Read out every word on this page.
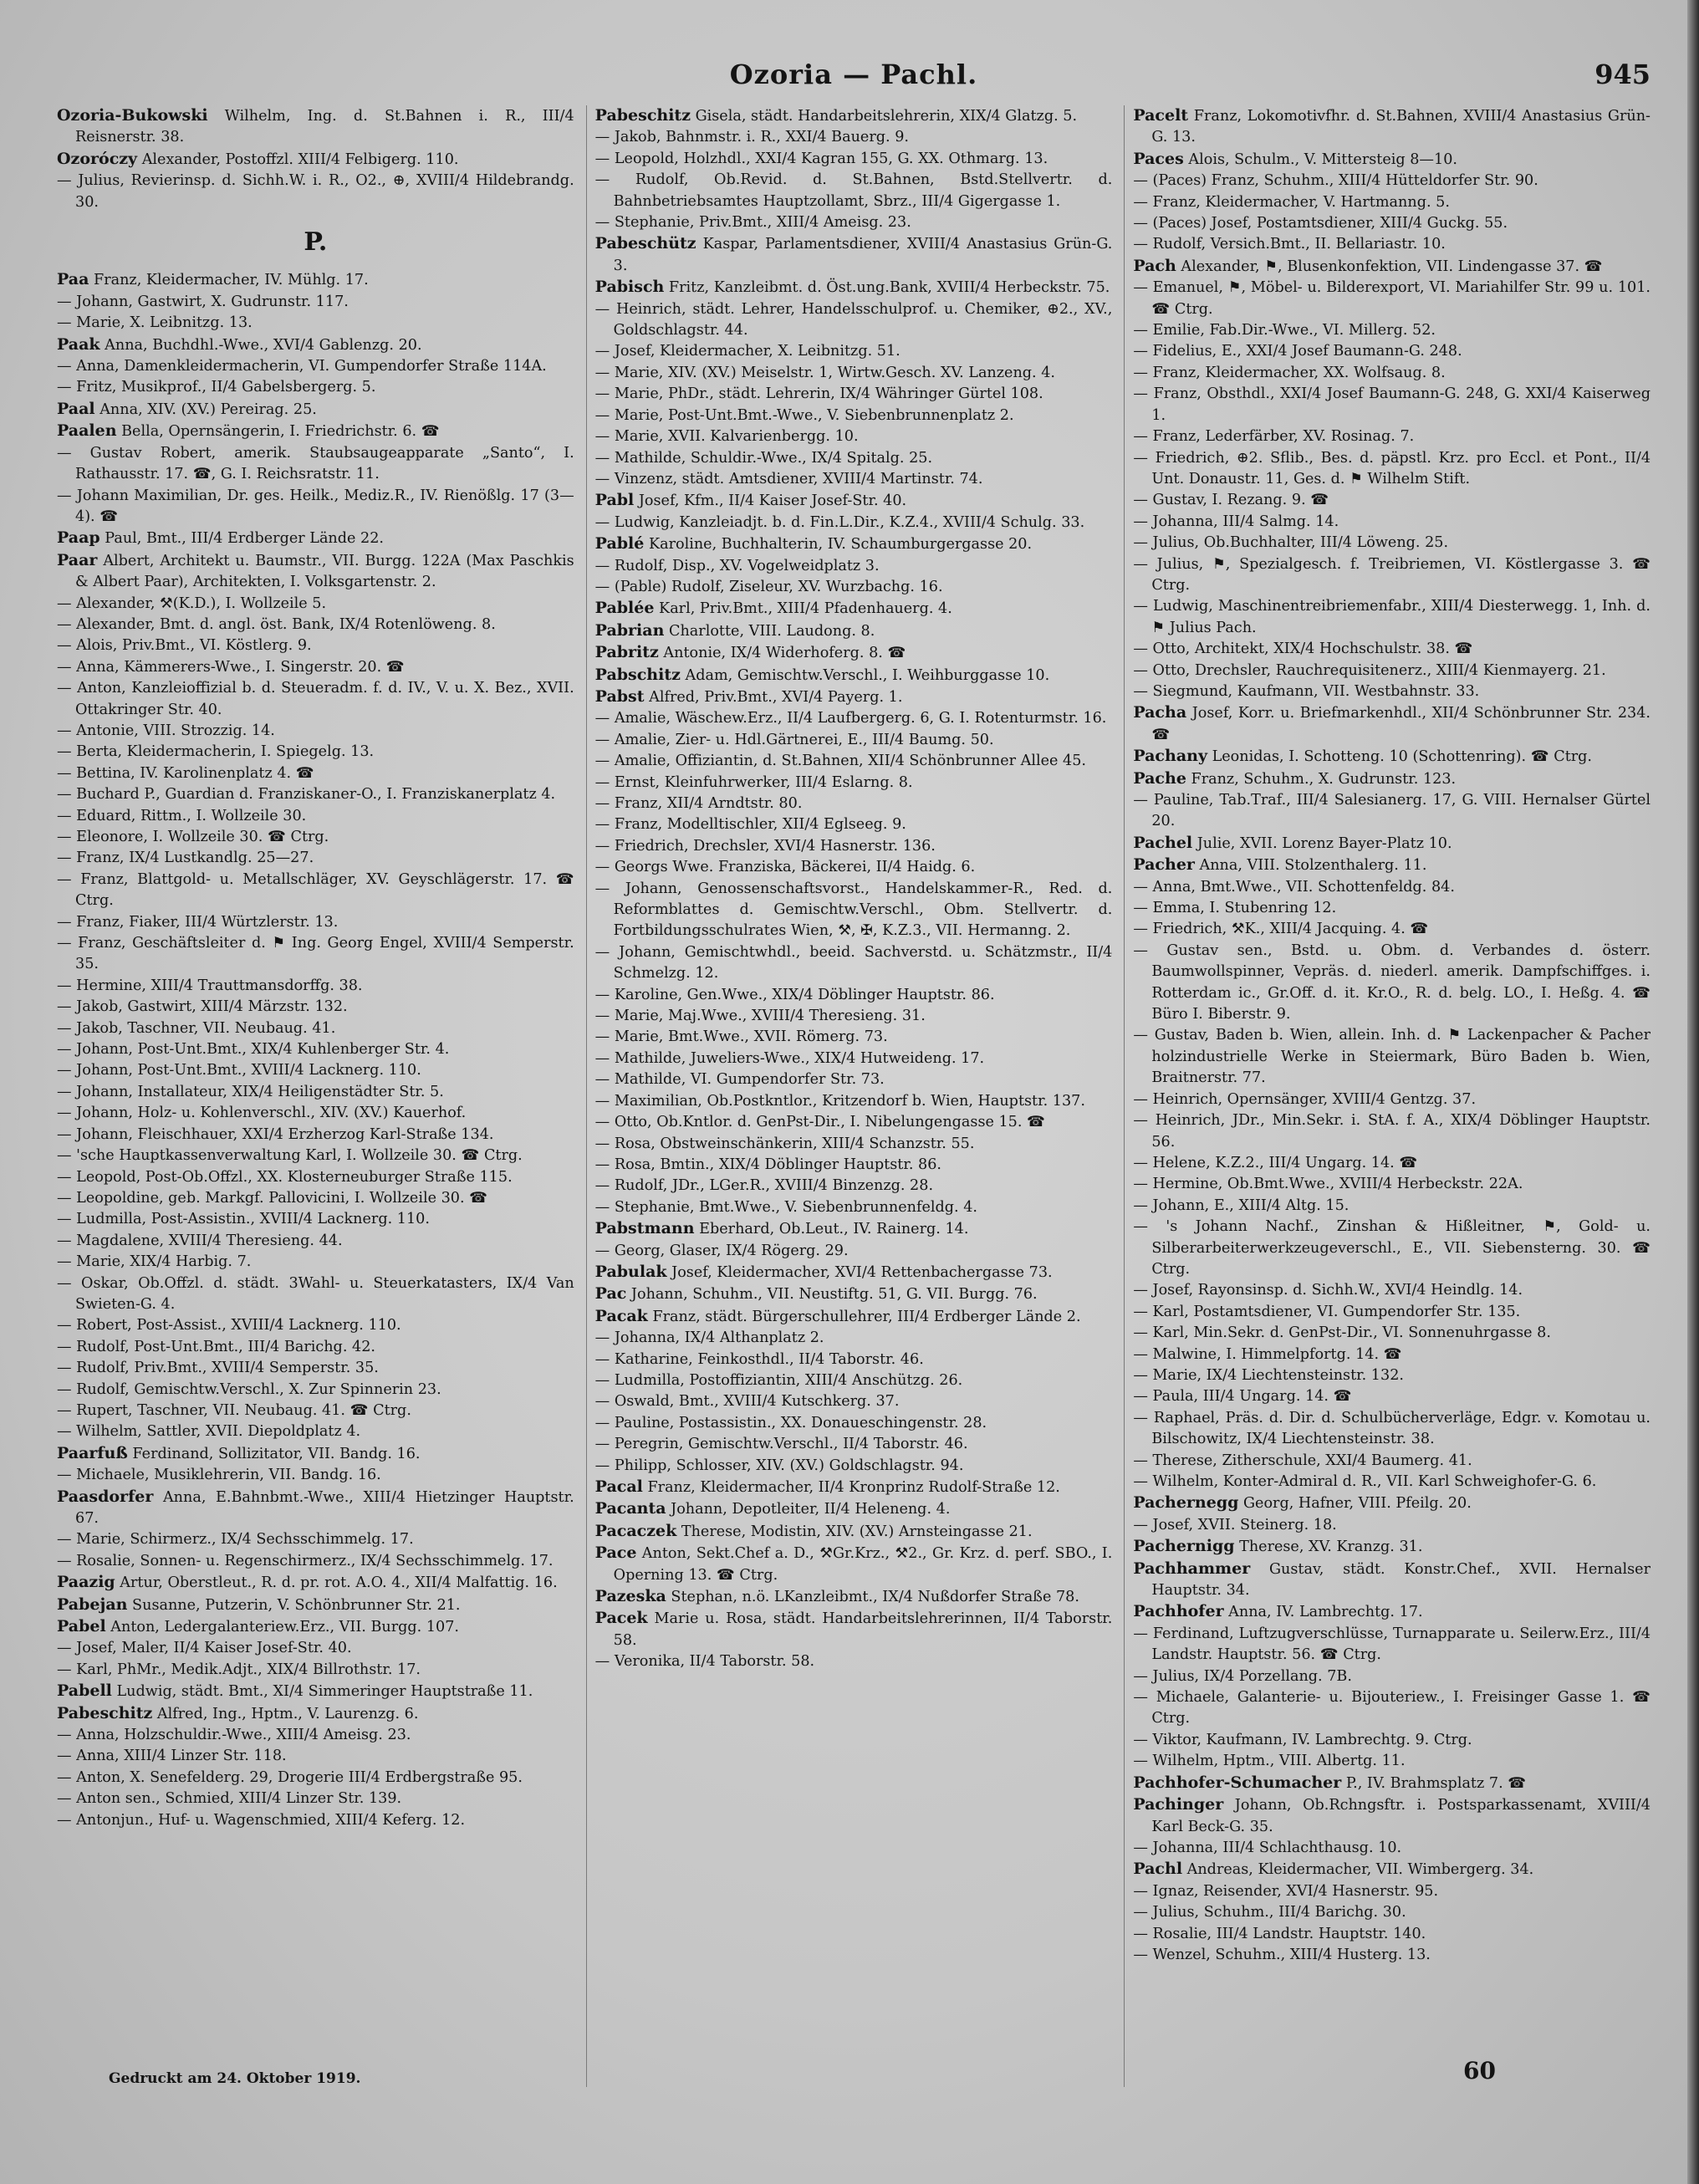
Ozoria — Pachl.	945

Ozoria-Bukowski Wilhelm, Ing. d. St.Bahnen i. R., III/4 Reisnerstr. 38.

Ozoróczy Alexander, Postoffzl. XIII/4 Felbigerg. 110.

— Julius, Revierinsp. d. Sichh.W. i. R., O2., ⊕, XVIII/4 Hildebrandg. 30.

P.

Paa Franz, Kleidermacher, IV. Mühlg. 17.

— Johann, Gastwirt, X. Gudrunstr. 117.

— Marie, X. Leibnitzg. 13.

Paak Anna, Buchdhl.-Wwe., XVI/4 Gablenzg. 20.

— Anna, Damenkleidermacherin, VI. Gumpendorfer Straße 114A.

— Fritz, Musikprof., II/4 Gabelsbergerg. 5.

Paal Anna, XIV. (XV.) Pereirag. 25.

Paalen Bella, Opernsängerin, I. Friedrichstr. 6. ☎

— Gustav Robert, amerik. Staubsaugeapparate „Santo“, I. Rathausstr. 17. ☎, G. I. Reichsratstr. 11.

— Johann Maximilian, Dr. ges. Heilk., Mediz.R., IV. Rienößlg. 17 (3—4). ☎

Paap Paul, Bmt., III/4 Erdberger Lände 22.

Paar Albert, Architekt u. Baumstr., VII. Burgg. 122A (Max Paschkis & Albert Paar), Architekten, I. Volksgartenstr. 2.

— Alexander, ⚒(K.D.), I. Wollzeile 5.

— Alexander, Bmt. d. angl. öst. Bank, IX/4 Rotenlöweng. 8.

— Alois, Priv.Bmt., VI. Köstlerg. 9.

— Anna, Kämmerers-Wwe., I. Singerstr. 20. ☎

— Anton, Kanzleioffizial b. d. Steueradm. f. d. IV., V. u. X. Bez., XVII. Ottakringer Str. 40.

— Antonie, VIII. Strozzig. 14.

— Berta, Kleidermacherin, I. Spiegelg. 13.

— Bettina, IV. Karolinenplatz 4. ☎

— Buchard P., Guardian d. Franziskaner-O., I. Franziskanerplatz 4.

— Eduard, Rittm., I. Wollzeile 30.

— Eleonore, I. Wollzeile 30. ☎ Ctrg.

— Franz, IX/4 Lustkandlg. 25—27.

— Franz, Blattgold- u. Metallschläger, XV. Geyschlägerstr. 17. ☎ Ctrg.

— Franz, Fiaker, III/4 Würtzlerstr. 13.

— Franz, Geschäftsleiter d. ⚑ Ing. Georg Engel, XVIII/4 Semperstr. 35.

— Hermine, XIII/4 Trauttmansdorffg. 38.

— Jakob, Gastwirt, XIII/4 Märzstr. 132.

— Jakob, Taschner, VII. Neubaug. 41.

— Johann, Post-Unt.Bmt., XIX/4 Kuhlenberger Str. 4.

— Johann, Post-Unt.Bmt., XVIII/4 Lacknerg. 110.

— Johann, Installateur, XIX/4 Heiligenstädter Str. 5.

— Johann, Holz- u. Kohlenverschl., XIV. (XV.) Kauerhof.

— Johann, Fleischhauer, XXI/4 Erzherzog Karl-Straße 134.

— 'sche Hauptkassenverwaltung Karl, I. Wollzeile 30. ☎ Ctrg.

— Leopold, Post-Ob.Offzl., XX. Klosterneuburger Straße 115.

— Leopoldine, geb. Markgf. Pallovicini, I. Wollzeile 30. ☎

— Ludmilla, Post-Assistin., XVIII/4 Lacknerg. 110.

— Magdalene, XVIII/4 Theresieng. 44.

— Marie, XIX/4 Harbig. 7.

— Oskar, Ob.Offzl. d. städt. 3Wahl- u. Steuerkatasters, IX/4 Van Swieten-G. 4.

— Robert, Post-Assist., XVIII/4 Lacknerg. 110.

— Rudolf, Post-Unt.Bmt., III/4 Barichg. 42.

— Rudolf, Priv.Bmt., XVIII/4 Semperstr. 35.

— Rudolf, Gemischtw.Verschl., X. Zur Spinnerin 23.

— Rupert, Taschner, VII. Neubaug. 41. ☎ Ctrg.

— Wilhelm, Sattler, XVII. Diepoldplatz 4.

Paarfuß Ferdinand, Sollizitator, VII. Bandg. 16.

— Michaele, Musiklehrerin, VII. Bandg. 16.

Paasdorfer Anna, E.Bahnbmt.-Wwe., XIII/4 Hietzinger Hauptstr. 67.

— Marie, Schirmerz., IX/4 Sechsschimmelg. 17.

— Rosalie, Sonnen- u. Regenschirmerz., IX/4 Sechsschimmelg. 17.

Paazig Artur, Oberstleut., R. d. pr. rot. A.O. 4., XII/4 Malfattig. 16.

Pabejan Susanne, Putzerin, V. Schönbrunner Str. 21.

Pabel Anton, Ledergalanteriew.Erz., VII. Burgg. 107.

— Josef, Maler, II/4 Kaiser Josef-Str. 40.

— Karl, PhMr., Medik.Adjt., XIX/4 Billrothstr. 17.

Pabell Ludwig, städt. Bmt., XI/4 Simmeringer Hauptstraße 11.

Pabeschitz Alfred, Ing., Hptm., V. Laurenzg. 6.

— Anna, Holzschuldir.-Wwe., XIII/4 Ameisg. 23.

— Anna, XIII/4 Linzer Str. 118.

— Anton, X. Senefelderg. 29, Drogerie III/4 Erdbergstraße 95.

— Anton sen., Schmied, XIII/4 Linzer Str. 139.

— Antonjun., Huf- u. Wagenschmied, XIII/4 Keferg. 12.

Pabeschitz Gisela, städt. Handarbeitslehrerin, XIX/4 Glatzg. 5.

— Jakob, Bahnmstr. i. R., XXI/4 Bauerg. 9.

— Leopold, Holzhdl., XXI/4 Kagran 155, G. XX. Othmarg. 13.

— Rudolf, Ob.Revid. d. St.Bahnen, Bstd.Stellvertr. d. Bahnbetriebsamtes Hauptzollamt, Sbrz., III/4 Gigergasse 1.

— Stephanie, Priv.Bmt., XIII/4 Ameisg. 23.

Pabeschütz Kaspar, Parlamentsdiener, XVIII/4 Anastasius Grün-G. 3.

Pabisch Fritz, Kanzleibmt. d. Öst.ung.Bank, XVIII/4 Herbeckstr. 75.

— Heinrich, städt. Lehrer, Handelsschulprof. u. Chemiker, ⊕2., XV., Goldschlagstr. 44.

— Josef, Kleidermacher, X. Leibnitzg. 51.

— Marie, XIV. (XV.) Meiselstr. 1, Wirtw.Gesch. XV. Lanzeng. 4.

— Marie, PhDr., städt. Lehrerin, IX/4 Währinger Gürtel 108.

— Marie, Post-Unt.Bmt.-Wwe., V. Siebenbrunnenplatz 2.

— Marie, XVII. Kalvarienbergg. 10.

— Mathilde, Schuldir.-Wwe., IX/4 Spitalg. 25.

— Vinzenz, städt. Amtsdiener, XVIII/4 Martinstr. 74.

Pabl Josef, Kfm., II/4 Kaiser Josef-Str. 40.

— Ludwig, Kanzleiadjt. b. d. Fin.L.Dir., K.Z.4., XVIII/4 Schulg. 33.

Pablé Karoline, Buchhalterin, IV. Schaumburgergasse 20.

— Rudolf, Disp., XV. Vogelweidplatz 3.

— (Pable) Rudolf, Ziseleur, XV. Wurzbachg. 16.

Pablée Karl, Priv.Bmt., XIII/4 Pfadenhauerg. 4.

Pabrian Charlotte, VIII. Laudong. 8.

Pabritz Antonie, IX/4 Widerhoferg. 8. ☎

Pabschitz Adam, Gemischtw.Verschl., I. Weihburggasse 10.

Pabst Alfred, Priv.Bmt., XVI/4 Payerg. 1.

— Amalie, Wäschew.Erz., II/4 Laufbergerg. 6, G. I. Rotenturmstr. 16.

— Amalie, Zier- u. Hdl.Gärtnerei, E., III/4 Baumg. 50.

— Amalie, Offiziantin, d. St.Bahnen, XII/4 Schönbrunner Allee 45.

— Ernst, Kleinfuhrwerker, III/4 Eslarng. 8.

— Franz, XII/4 Arndtstr. 80.

— Franz, Modelltischler, XII/4 Eglseeg. 9.

— Friedrich, Drechsler, XVI/4 Hasnerstr. 136.

— Georgs Wwe. Franziska, Bäckerei, II/4 Haidg. 6.

— Johann, Genossenschaftsvorst., Handelskammer-R., Red. d. Reformblattes d. Gemischtw.Verschl., Obm. Stellvertr. d. Fortbildungsschulrates Wien, ⚒, ✠, K.Z.3., VII. Hermanng. 2.

— Johann, Gemischtwhdl., beeid. Sachverstd. u. Schätzmstr., II/4 Schmelzg. 12.

— Karoline, Gen.Wwe., XIX/4 Döblinger Hauptstr. 86.

— Marie, Maj.Wwe., XVIII/4 Theresieng. 31.

— Marie, Bmt.Wwe., XVII. Römerg. 73.

— Mathilde, Juweliers-Wwe., XIX/4 Hutweideng. 17.

— Mathilde, VI. Gumpendorfer Str. 73.

— Maximilian, Ob.Postkntlor., Kritzendorf b. Wien, Hauptstr. 137.

— Otto, Ob.Kntlor. d. GenPst-Dir., I. Nibelungengasse 15. ☎

— Rosa, Obstweinschänkerin, XIII/4 Schanzstr. 55.

— Rosa, Bmtin., XIX/4 Döblinger Hauptstr. 86.

— Rudolf, JDr., LGer.R., XVIII/4 Binzenzg. 28.

— Stephanie, Bmt.Wwe., V. Siebenbrunnenfeldg. 4.

Pabstmann Eberhard, Ob.Leut., IV. Rainerg. 14.

— Georg, Glaser, IX/4 Rögerg. 29.

Pabulak Josef, Kleidermacher, XVI/4 Rettenbachergasse 73.

Pac Johann, Schuhm., VII. Neustiftg. 51, G. VII. Burgg. 76.

Pacak Franz, städt. Bürgerschullehrer, III/4 Erdberger Lände 2.

— Johanna, IX/4 Althanplatz 2.

— Katharine, Feinkosthdl., II/4 Taborstr. 46.

— Ludmilla, Postoffiziantin, XIII/4 Anschützg. 26.

— Oswald, Bmt., XVIII/4 Kutschkerg. 37.

— Pauline, Postassistin., XX. Donaueschingenstr. 28.

— Peregrin, Gemischtw.Verschl., II/4 Taborstr. 46.

— Philipp, Schlosser, XIV. (XV.) Goldschlagstr. 94.

Pacal Franz, Kleidermacher, II/4 Kronprinz Rudolf-Straße 12.

Pacanta Johann, Depotleiter, II/4 Heleneng. 4.

Pacaczek Therese, Modistin, XIV. (XV.) Arnsteingasse 21.

Pace Anton, Sekt.Chef a. D., ⚒Gr.Krz., ⚒2., Gr. Krz. d. perf. SBO., I. Operning 13. ☎ Ctrg.

Pazeska Stephan, n.ö. LKanzleibmt., IX/4 Nußdorfer Straße 78.

Pacek Marie u. Rosa, städt. Handarbeitslehrerinnen, II/4 Taborstr. 58.

— Veronika, II/4 Taborstr. 58.

Pacelt Franz, Lokomotivfhr. d. St.Bahnen, XVIII/4 Anastasius Grün-G. 13.

Paces Alois, Schulm., V. Mittersteig 8—10.

— (Paces) Franz, Schuhm., XIII/4 Hütteldorfer Str. 90.

— Franz, Kleidermacher, V. Hartmanng. 5.

— (Paces) Josef, Postamtsdiener, XIII/4 Guckg. 55.

— Rudolf, Versich.Bmt., II. Bellariastr. 10.

Pach Alexander, ⚑, Blusenkonfektion, VII. Lindengasse 37. ☎

— Emanuel, ⚑, Möbel- u. Bilderexport, VI. Mariahilfer Str. 99 u. 101. ☎ Ctrg.

— Emilie, Fab.Dir.-Wwe., VI. Millerg. 52.

— Fidelius, E., XXI/4 Josef Baumann-G. 248.

— Franz, Kleidermacher, XX. Wolfsaug. 8.

— Franz, Obsthdl., XXI/4 Josef Baumann-G. 248, G. XXI/4 Kaiserweg 1.

— Franz, Lederfärber, XV. Rosinag. 7.

— Friedrich, ⊕2. Sflib., Bes. d. päpstl. Krz. pro Eccl. et Pont., II/4 Unt. Donaustr. 11, Ges. d. ⚑ Wilhelm Stift.

— Gustav, I. Rezang. 9. ☎

— Johanna, III/4 Salmg. 14.

— Julius, Ob.Buchhalter, III/4 Löweng. 25.

— Julius, ⚑, Spezialgesch. f. Treibriemen, VI. Köstlergasse 3. ☎ Ctrg.

— Ludwig, Maschinentreibriemenfabr., XIII/4 Diesterwegg. 1, Inh. d. ⚑ Julius Pach.

— Otto, Architekt, XIX/4 Hochschulstr. 38. ☎

— Otto, Drechsler, Rauchrequisitenerz., XIII/4 Kienmayerg. 21.

— Siegmund, Kaufmann, VII. Westbahnstr. 33.

Pacha Josef, Korr. u. Briefmarkenhdl., XII/4 Schönbrunner Str. 234. ☎

Pachany Leonidas, I. Schotteng. 10 (Schottenring). ☎ Ctrg.

Pache Franz, Schuhm., X. Gudrunstr. 123.

— Pauline, Tab.Traf., III/4 Salesianerg. 17, G. VIII. Hernalser Gürtel 20.

Pachel Julie, XVII. Lorenz Bayer-Platz 10.

Pacher Anna, VIII. Stolzenthalerg. 11.

— Anna, Bmt.Wwe., VII. Schottenfeldg. 84.

— Emma, I. Stubenring 12.

— Friedrich, ⚒K., XIII/4 Jacquing. 4. ☎

— Gustav sen., Bstd. u. Obm. d. Verbandes d. österr. Baumwollspinner, Vepräs. d. niederl. amerik. Dampfschiffges. i. Rotterdam ic., Gr.Off. d. it. Kr.O., R. d. belg. LO., I. Heßg. 4. ☎ Büro I. Biberstr. 9.

— Gustav, Baden b. Wien, allein. Inh. d. ⚑ Lackenpacher & Pacher holzindustrielle Werke in Steiermark, Büro Baden b. Wien, Braitnerstr. 77.

— Heinrich, Opernsänger, XVIII/4 Gentzg. 37.

— Heinrich, JDr., Min.Sekr. i. StA. f. A., XIX/4 Döblinger Hauptstr. 56.

— Helene, K.Z.2., III/4 Ungarg. 14. ☎

— Hermine, Ob.Bmt.Wwe., XVIII/4 Herbeckstr. 22A.

— Johann, E., XIII/4 Altg. 15.

— 's Johann Nachf., Zinshan & Hißleitner, ⚑, Gold- u. Silberarbeiterwerkzeugeverschl., E., VII. Siebensterng. 30. ☎ Ctrg.

— Josef, Rayonsinsp. d. Sichh.W., XVI/4 Heindlg. 14.

— Karl, Postamtsdiener, VI. Gumpendorfer Str. 135.

— Karl, Min.Sekr. d. GenPst-Dir., VI. Sonnenuhrgasse 8.

— Malwine, I. Himmelpfortg. 14. ☎

— Marie, IX/4 Liechtensteinstr. 132.

— Paula, III/4 Ungarg. 14. ☎

— Raphael, Präs. d. Dir. d. Schulbücherverläge, Edgr. v. Komotau u. Bilschowitz, IX/4 Liechtensteinstr. 38.

— Therese, Zitherschule, XXI/4 Baumerg. 41.

— Wilhelm, Konter-Admiral d. R., VII. Karl Schweighofer-G. 6.

Pachernegg Georg, Hafner, VIII. Pfeilg. 20.

— Josef, XVII. Steinerg. 18.

Pachernigg Therese, XV. Kranzg. 31.

Pachhammer Gustav, städt. Konstr.Chef., XVII. Hernalser Hauptstr. 34.

Pachhofer Anna, IV. Lambrechtg. 17.

— Ferdinand, Luftzugverschlüsse, Turnapparate u. Seilerw.Erz., III/4 Landstr. Hauptstr. 56. ☎ Ctrg.

— Julius, IX/4 Porzellang. 7B.

— Michaele, Galanterie- u. Bijouteriew., I. Freisinger Gasse 1. ☎ Ctrg.

— Viktor, Kaufmann, IV. Lambrechtg. 9. Ctrg.

— Wilhelm, Hptm., VIII. Albertg. 11.

Pachhofer-Schumacher P., IV. Brahmsplatz 7. ☎

Pachinger Johann, Ob.Rchngsftr. i. Postsparkassenamt, XVIII/4 Karl Beck-G. 35.

— Johanna, III/4 Schlachthausg. 10.

Pachl Andreas, Kleidermacher, VII. Wimbergerg. 34.

— Ignaz, Reisender, XVI/4 Hasnerstr. 95.

— Julius, Schuhm., III/4 Barichg. 30.

— Rosalie, III/4 Landstr. Hauptstr. 140.

— Wenzel, Schuhm., XIII/4 Husterg. 13.

Gedruckt am 24. Oktober 1919.	60
